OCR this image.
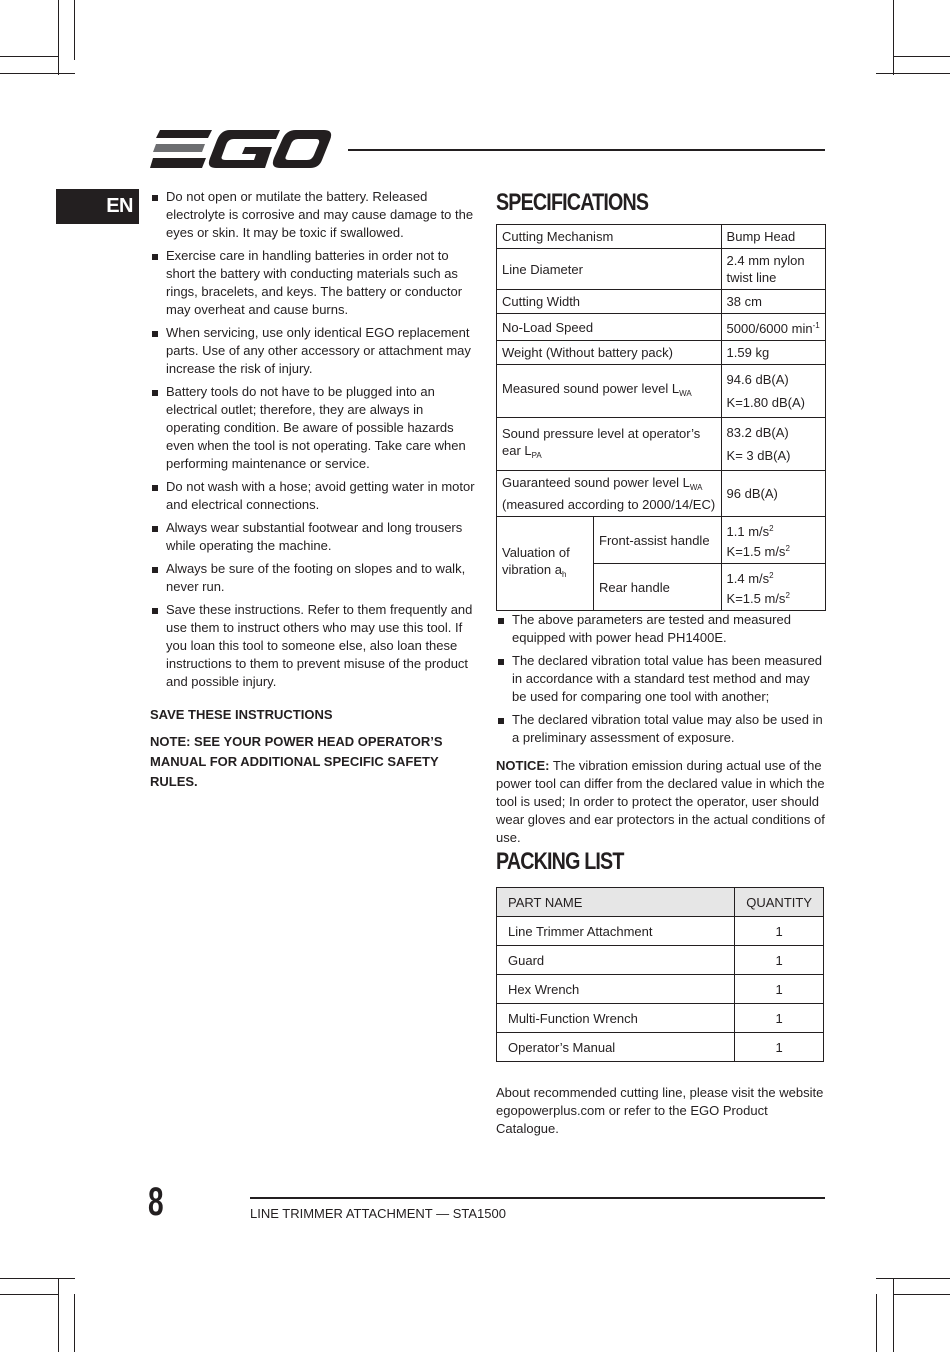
EN	Do not open or mutilate the battery. Released electrolyte is corrosive and may cause damage to the eyes or skin. It may be toxic if swallowed.
Exercise care in handling batteries in order not to short the battery with conducting materials such as rings, bracelets, and keys. The battery or conductor may overheat and cause burns.
When servicing, use only identical EGO replacement parts. Use of any other accessory or attachment may increase the risk of injury.
Battery tools do not have to be plugged into an electrical outlet; therefore, they are always in operating condition. Be aware of possible hazards even when the tool is not operating. Take care when performing maintenance or service.
Do not wash with a hose; avoid getting water in motor and electrical connections.
Always wear substantial footwear and long trousers while operating the machine.
Always be sure of the footing on slopes and to walk, never run.
Save these instructions. Refer to them frequently and use them to instruct others who may use this tool. If you loan this tool to someone else, also loan these instructions to them to prevent misuse of the product and possible injury.
SAVE THESE INSTRUCTIONS
NOTE: SEE YOUR POWER HEAD OPERATOR’S MANUAL FOR ADDITIONAL SPECIFIC SAFETY RULES.
SPECIFICATIONS
Cutting Mechanism		Bump Head
Line Diameter		2.4 mm nylon
twist line
Cutting Width		38 cm
No-Load Speed		5000/6000 $\min^{-1}$
Weight (Without battery pack)		1.59 kg
Measured sound power level $L_{WA}$		94.6 dB(A)
K=1.80 dB(A)
Sound pressure level at operator’s
ear $L_{PA}$		83.2 dB(A)
K= 3 dB(A)
Guaranteed sound power level $L_{WA}$
(measured according to 2000/14/EC)		96 dB(A)
Valuation of
vibration $a_h$	Front-assist handle	1.1 $m/s^2$
K=1.5 $m/s^2$
	Rear handle	1.4 $m/s^2$
K=1.5 $m/s^2$
The above parameters are tested and measured equipped with power head PH1400E.
The declared vibration total value has been measured in accordance with a standard test method and may be used for comparing one tool with another;
The declared vibration total value may also be used in a preliminary assessment of exposure.
NOTICE: The vibration emission during actual use of the power tool can differ from the declared value in which the tool is used; In order to protect the operator, user should wear gloves and ear protectors in the actual conditions of use.
PACKING LIST
PART NAME	QUANTITY
Line Trimmer Attachment	1
Guard	1
Hex Wrench	1
Multi-Function Wrench	1
Operator’s Manual	1
About recommended cutting line, please visit the website egopowerplus.com or refer to the EGO Product Catalogue.
8	LINE TRIMMER ATTACHMENT — STA1500
